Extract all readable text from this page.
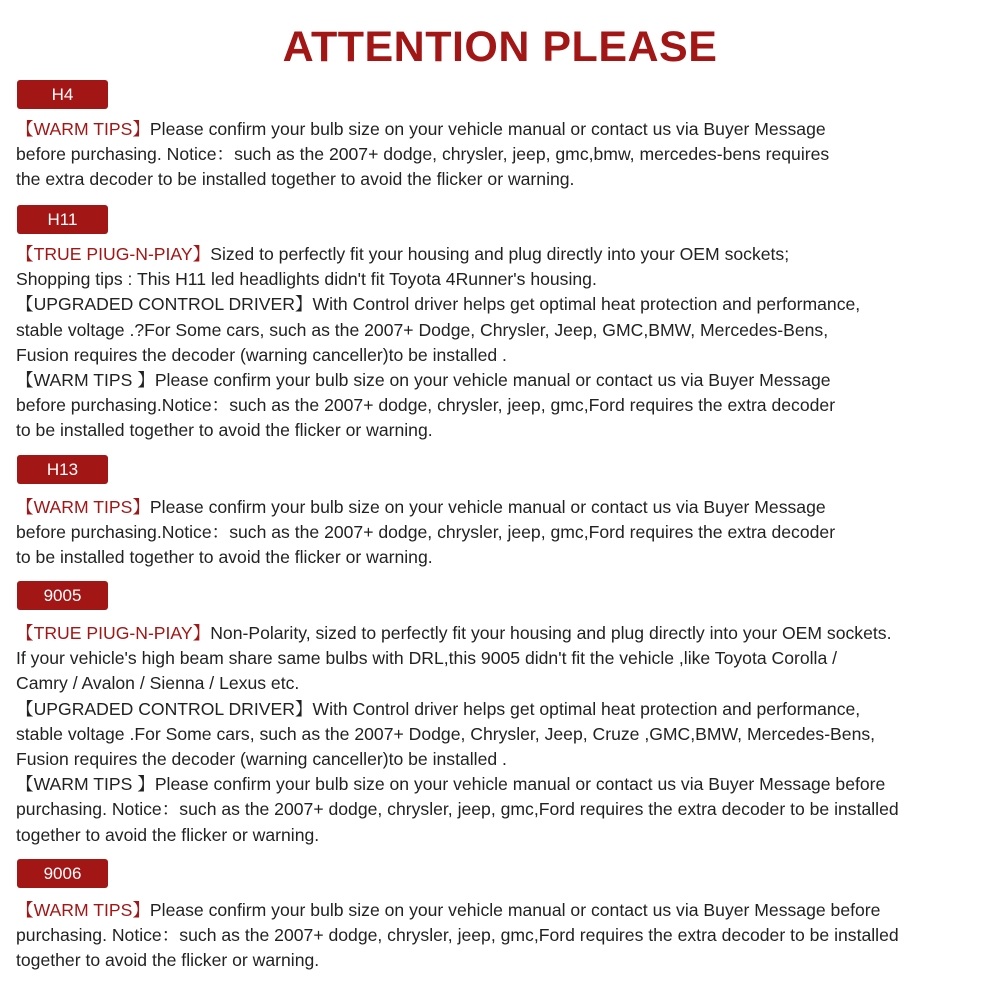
ATTENTION PLEASE
H4

【WARM TIPS】Please confirm your bulb size on your vehicle manual or contact us via Buyer Message
before purchasing. Notice：such as the 2007+ dodge, chrysler, jeep, gmc,bmw, mercedes-bens requires
the extra decoder to be installed together to avoid the flicker or warning.

H11

【TRUE PIUG-N-PIAY】Sized to perfectly fit your housing and plug directly into your OEM sockets;
Shopping tips : This H11 led headlights didn't fit Toyota 4Runner's housing.

【UPGRADED CONTROL DRIVER】With Control driver helps get optimal heat protection and performance,
stable voltage .?For Some cars, such as the 2007+ Dodge, Chrysler, Jeep, GMC,BMW, Mercedes-Bens,
Fusion requires the decoder (warning canceller)to be installed .

【WARM TIPS 】Please confirm your bulb size on your vehicle manual or contact us via Buyer Message
before purchasing.Notice：such as the 2007+ dodge, chrysler, jeep, gmc,Ford requires the extra decoder
to be installed together to avoid the flicker or warning.

H13

【WARM TIPS】Please confirm your bulb size on your vehicle manual or contact us via Buyer Message
before purchasing.Notice：such as the 2007+ dodge, chrysler, jeep, gmc,Ford requires the extra decoder
to be installed together to avoid the flicker or warning.

9005

【TRUE PIUG-N-PIAY】Non-Polarity, sized to perfectly fit your housing and plug directly into your OEM sockets.
If your vehicle's high beam share same bulbs with DRL,this 9005 didn't fit the vehicle ,like Toyota Corolla /
Camry / Avalon / Sienna / Lexus etc.

【UPGRADED CONTROL DRIVER】With Control driver helps get optimal heat protection and performance,
stable voltage .For Some cars, such as the 2007+ Dodge, Chrysler, Jeep, Cruze ,GMC,BMW, Mercedes-Bens,
Fusion requires the decoder (warning canceller)to be installed .

【WARM TIPS 】Please confirm your bulb size on your vehicle manual or contact us via Buyer Message before
purchasing. Notice：such as the 2007+ dodge, chrysler, jeep, gmc,Ford requires the extra decoder to be installed
together to avoid the flicker or warning.

9006

【WARM TIPS】Please confirm your bulb size on your vehicle manual or contact us via Buyer Message before
purchasing. Notice：such as the 2007+ dodge, chrysler, jeep, gmc,Ford requires the extra decoder to be installed
together to avoid the flicker or warning.
